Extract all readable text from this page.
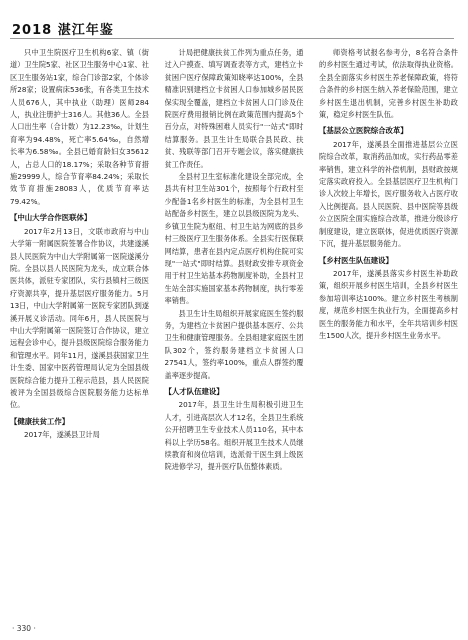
2018 湛江年鉴

只中卫生院医疗卫生机构6家、镇（街道）卫生院5家、社区卫生服务中心1家、社区卫生服务站1家，综合门诊部2家，个体诊所28家；设置病床536张，有各类卫生技术人员676人，其中执业（助理）医师284人，执业注册护士316人。其他36人。全县人口出生率（合计数）为12.23‰，计划生育率为94.48%，死亡率5.64‰，自然增长率为6.58‰。全县已婚育龄妇女35612人，占总人口的18.17%；采取各种节育措施29999人，综合节育率84.24%；采取长效节育措施28083人，优质节育率达79.42%。

【中山大学合作医联体】

2017年2月13日，文联市政府与中山大学第一附属医院签署合作协议，共建遂溪县人民医院为中山大学附属第一医院遂溪分院。全县以县人民医院为龙头，成立联合体医共体，派驻专家团队，实行县镇村三级医疗资源共享，提升基层医疗服务能力。5月13日，中山大学附属第一医院专家团队到遂溪开展义诊活动。同年6月，县人民医院与中山大学附属第一医院签订合作协议，建立远程会诊中心，提升县级医院综合服务能力和管理水平。同年11月，遂溪县获国家卫生计生委、国家中医药管理局认定为全国县级医院综合能力提升工程示范县，县人民医院被评为全国县级综合医院服务能力达标单位。

【健康扶贫工作】

2017年，遂溪县卫计局

计局把健康扶贫工作列为重点任务，通过入户摸查、填写调查表等方式，建档立卡贫困户医疗保障政策知晓率达100%，全县精准识别建档立卡贫困人口参加城乡居民医保实现全覆盖，建档立卡贫困人口门诊及住院医疗费用报销比例在政策范围内提高5个百分点，对特殊困难人员实行"一站式"即时结算服务。县卫生计生局联合县民政、扶贫、残联等部门召开专题会议，落实健康扶贫工作责任。

全县村卫生室标准化建设全部完成，全县共有村卫生站301个，按照每个行政村至少配备1名乡村医生的标准，为全县村卫生站配备乡村医生，建立以县级医院为龙头、乡镇卫生院为枢纽、村卫生站为网底的县乡村三级医疗卫生服务体系。全县实行医保联网结算，患者在县内定点医疗机构住院可实现"一站式"即时结算。县财政安排专项资金用于村卫生站基本药物制度补助，全县村卫生站全部实施国家基本药物制度，执行零差率销售。

县卫生计生局组织开展家庭医生签约服务，为建档立卡贫困户提供基本医疗、公共卫生和健康管理服务。全县组建家庭医生团队302个，签约服务建档立卡贫困人口27541人，签约率100%，重点人群签约覆盖率逐步提高。

【人才队伍建设】

2017年，县卫生计生局积极引进卫生人才，引进高层次人才12名，全县卫生系统公开招聘卫生专业技术人员110名，其中本科以上学历58名。组织开展卫生技术人员继续教育和岗位培训，选派骨干医生到上级医院进修学习，提升医疗队伍整体素质。

师资格考试报名参考分，8名符合条件的乡村医生通过考试，依法取得执业资格。全县全面落实乡村医生养老保障政策，将符合条件的乡村医生纳入养老保险范围，建立乡村医生退出机制，完善乡村医生补助政策，稳定乡村医生队伍。

【基层公立医院综合改革】

2017年，遂溪县全面推进基层公立医院综合改革，取消药品加成，实行药品零差率销售，建立科学的补偿机制，县财政按规定落实政府投入。全县基层医疗卫生机构门诊人次较上年增长，医疗服务收入占医疗收入比例提高。县人民医院、县中医院等县级公立医院全面实施综合改革，推进分级诊疗制度建设，建立医联体，促进优质医疗资源下沉，提升基层服务能力。

【乡村医生队伍建设】

2017年，遂溪县落实乡村医生补助政策，组织开展乡村医生培训，全县乡村医生参加培训率达100%。建立乡村医生考核制度，规范乡村医生执业行为，全面提高乡村医生的服务能力和水平，全年共培训乡村医生1500人次，提升乡村医生业务水平。

· 330 ·
